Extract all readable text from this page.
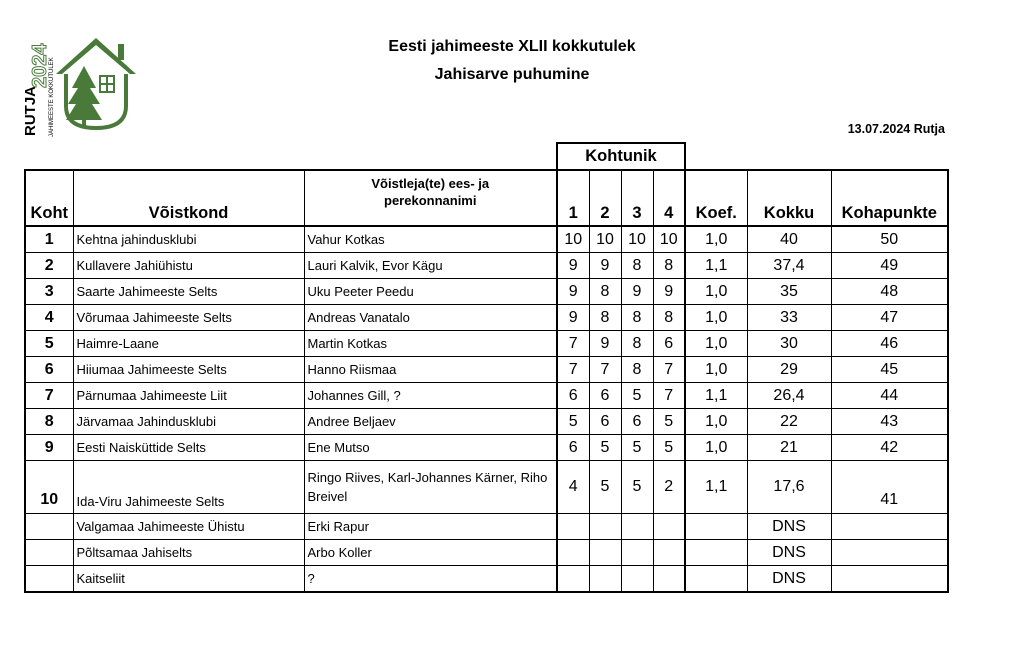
RUTJA
2024
JAHIMEESTE KOKKUTULEK
Eesti jahimeeste XLII kokkutulek
Jahisarve puhumine
13.07.2024 Rutja
			Kohtunik						
Koht	Võistkond	Võistleja(te) ees- ja perekonnanimi	1	2	3	4	Koef.	Kokku	Kohapunkte
1	Kehtna jahindusklubi	Vahur Kotkas	10	10	10	10	1,0	40	50
2	Kullavere Jahiühistu	Lauri Kalvik, Evor Kägu	9	9	8	8	1,1	37,4	49
3	Saarte Jahimeeste Selts	Uku Peeter Peedu	9	8	9	9	1,0	35	48
4	Võrumaa Jahimeeste Selts	Andreas Vanatalo	9	8	8	8	1,0	33	47
5	Haimre-Laane	Martin Kotkas	7	9	8	6	1,0	30	46
6	Hiiumaa Jahimeeste Selts	Hanno Riismaa	7	7	8	7	1,0	29	45
7	Pärnumaa Jahimeeste Liit	Johannes Gill, ?	6	6	5	7	1,1	26,4	44
8	Järvamaa Jahindusklubi	Andree Beljaev	5	6	6	5	1,0	22	43
9	Eesti Naisküttide Selts	Ene Mutso	6	5	5	5	1,0	21	42
10	Ida-Viru Jahimeeste Selts	Ringo Riives, Karl-Johannes Kärner, Riho Breivel	4	5	5	2	1,1	17,6	41
	Valgamaa Jahimeeste Ühistu	Erki Rapur						DNS	
	Põltsamaa Jahiselts	Arbo Koller						DNS	
	Kaitseliit	?						DNS	
